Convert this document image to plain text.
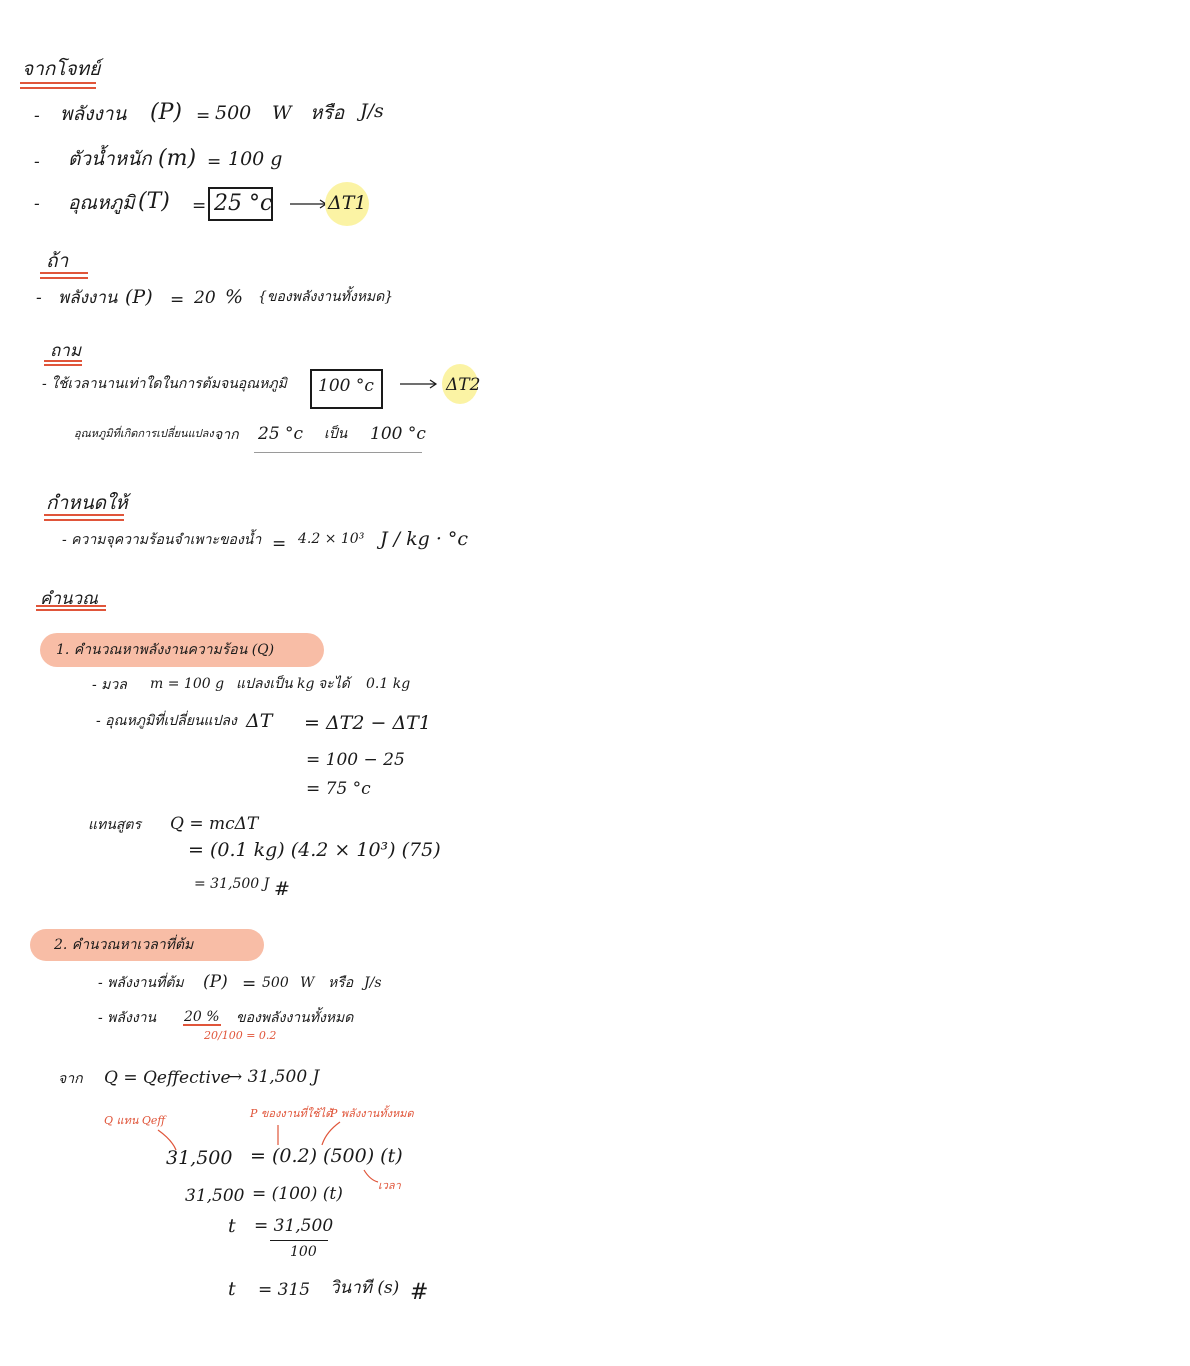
จากโจทย์
- พลังงาน (P) = 500 W หรือ J/s
- ตัวน้ำหนัก (m) = 100 g
- อุณหภูมิ (T) = 25 °c	ΔT1
ถ้า
- พลังงาน (P) = 20 % {ของพลังงานทั้งหมด}
ถาม
- ใช้เวลานานเท่าใดในการต้มจนอุณหภูมิ 100 °c	ΔT2
อุณหภูมิที่เกิดการเปลี่ยนแปลง จาก 25 °c เป็น 100 °c
กำหนดให้
- ความจุความร้อนจำเพาะของน้ำ = 4.2 × 10³ J / kg · °c
คำนวณ
1. คำนวณหาพลังงานความร้อน (Q)
- มวล m = 100 g แปลงเป็น kg จะได้ 0.1 kg
- อุณหภูมิที่เปลี่ยนแปลง ΔT = ΔT2 − ΔT1
= 100 − 25
= 75 °c
แทนสูตร Q = mcΔT
= (0.1 kg) (4.2 × 10³) (75)
= 31,500 J #
2. คำนวณหาเวลาที่ต้ม
- พลังงานที่ต้ม (P) = 500 W หรือ J/s
- พลังงาน 20 % ของพลังงานทั้งหมด
20/100 = 0.2
จาก Q = Qeffective
→ 31,500 J
Q แทน Qeff
P ของงานที่ใช้ได้
P พลังงานทั้งหมด
เวลา
31,500 = (0.2) (500) (t)
31,500 = (100) (t)
t = 31,500
100
t = 315 วินาที (s) #
